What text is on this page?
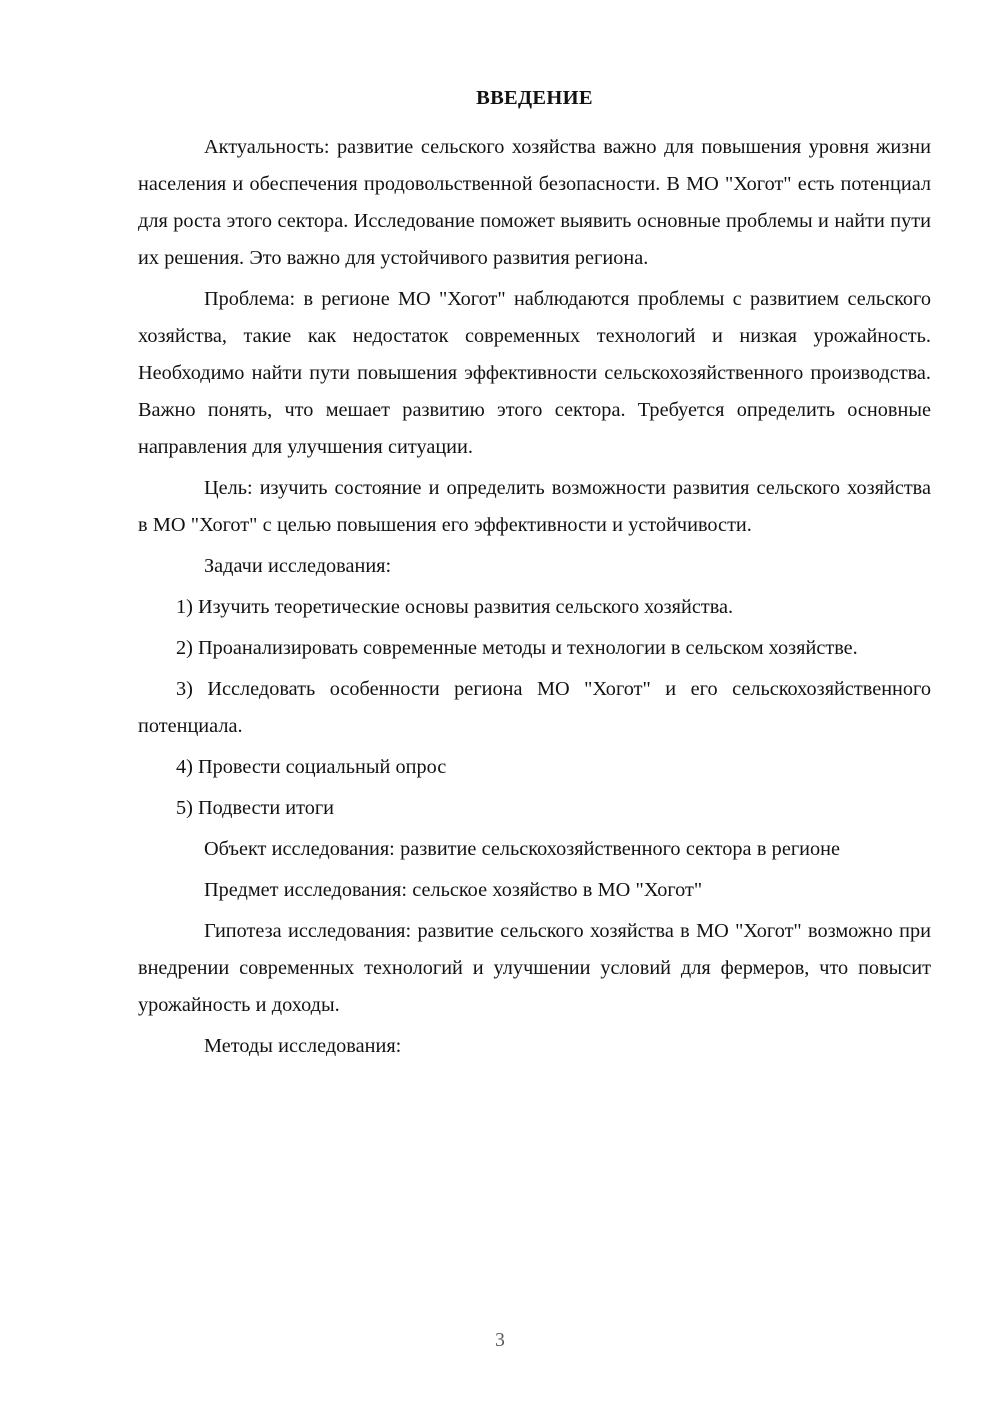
ВВЕДЕНИЕ

Актуальность: развитие сельского хозяйства важно для повышения уровня жизни населения и обеспечения продовольственной безопасности. В МО "Хогот" есть потенциал для роста этого сектора. Исследование поможет выявить основные проблемы и найти пути их решения. Это важно для устойчивого развития региона.

Проблема: в регионе МО "Хогот" наблюдаются проблемы с развитием сельского хозяйства, такие как недостаток современных технологий и низкая урожайность. Необходимо найти пути повышения эффективности сельскохозяйственного производства. Важно понять, что мешает развитию этого сектора. Требуется определить основные направления для улучшения ситуации.

Цель: изучить состояние и определить возможности развития сельского хозяйства в МО "Хогот" с целью повышения его эффективности и устойчивости.

Задачи исследования:

1) Изучить теоретические основы развития сельского хозяйства.

2) Проанализировать современные методы и технологии в сельском хозяйстве.

3) Исследовать особенности региона МО "Хогот" и его сельскохозяйственного потенциала.

4) Провести социальный опрос

5) Подвести итоги

Объект исследования: развитие сельскохозяйственного сектора в регионе

Предмет исследования: сельское хозяйство в МО "Хогот"

Гипотеза исследования: развитие сельского хозяйства в МО "Хогот" возможно при внедрении современных технологий и улучшении условий для фермеров, что повысит урожайность и доходы.

Методы исследования:

3
